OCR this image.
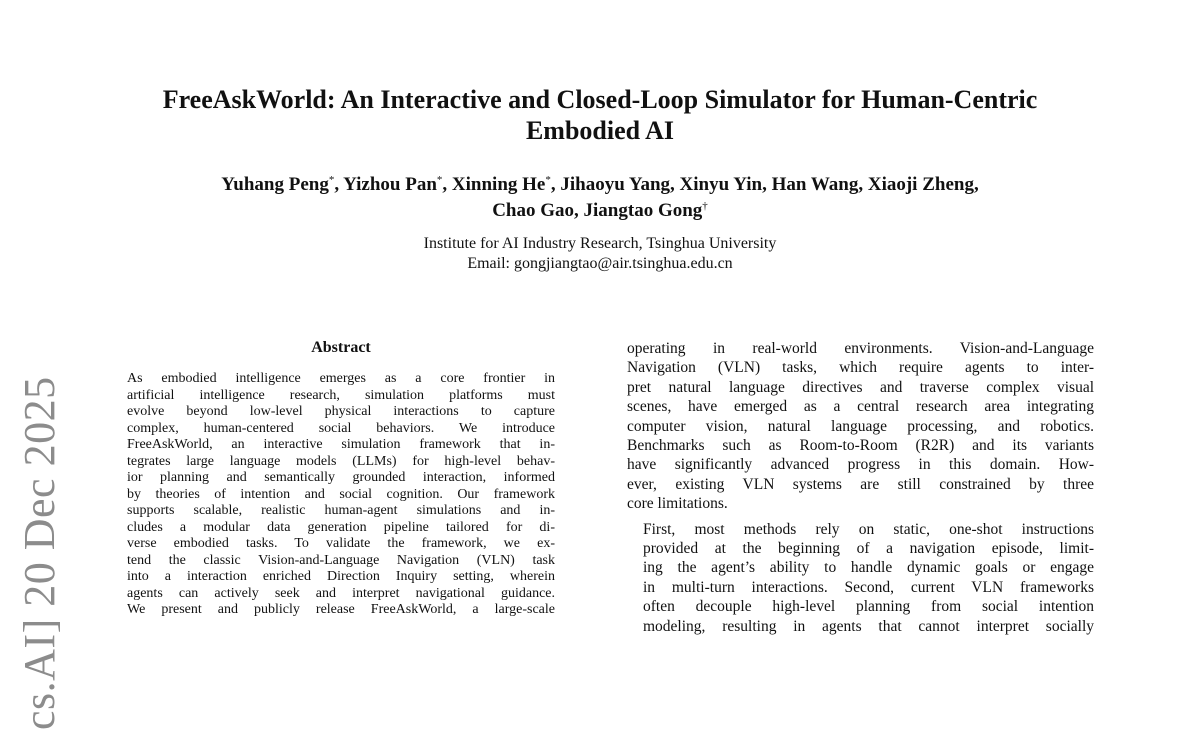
cs.AI] 20 Dec 2025
FreeAskWorld: An Interactive and Closed-Loop Simulator for Human-Centric
Embodied AI
Yuhang Peng*, Yizhou Pan*, Xinning He*, Jihaoyu Yang, Xinyu Yin, Han Wang, Xiaoji Zheng,
Chao Gao, Jiangtao Gong†
Institute for AI Industry Research, Tsinghua University
Email: gongjiangtao@air.tsinghua.edu.cn
Abstract

As embodied intelligence emerges as a core frontier in
artificial intelligence research, simulation platforms must
evolve beyond low-level physical interactions to capture
complex, human-centered social behaviors. We introduce
FreeAskWorld, an interactive simulation framework that in-
tegrates large language models (LLMs) for high-level behav-
ior planning and semantically grounded interaction, informed
by theories of intention and social cognition. Our framework
supports scalable, realistic human-agent simulations and in-
cludes a modular data generation pipeline tailored for di-
verse embodied tasks. To validate the framework, we ex-
tend the classic Vision-and-Language Navigation (VLN) task
into a interaction enriched Direction Inquiry setting, wherein
agents can actively seek and interpret navigational guidance.
We present and publicly release FreeAskWorld, a large-scale

operating in real-world environments. Vision-and-Language
Navigation (VLN) tasks, which require agents to inter-
pret natural language directives and traverse complex visual
scenes, have emerged as a central research area integrating
computer vision, natural language processing, and robotics.
Benchmarks such as Room-to-Room (R2R) and its variants
have significantly advanced progress in this domain. How-
ever, existing VLN systems are still constrained by three
core limitations.

First, most methods rely on static, one-shot instructions
provided at the beginning of a navigation episode, limit-
ing the agent’s ability to handle dynamic goals or engage
in multi-turn interactions. Second, current VLN frameworks
often decouple high-level planning from social intention
modeling, resulting in agents that cannot interpret socially
